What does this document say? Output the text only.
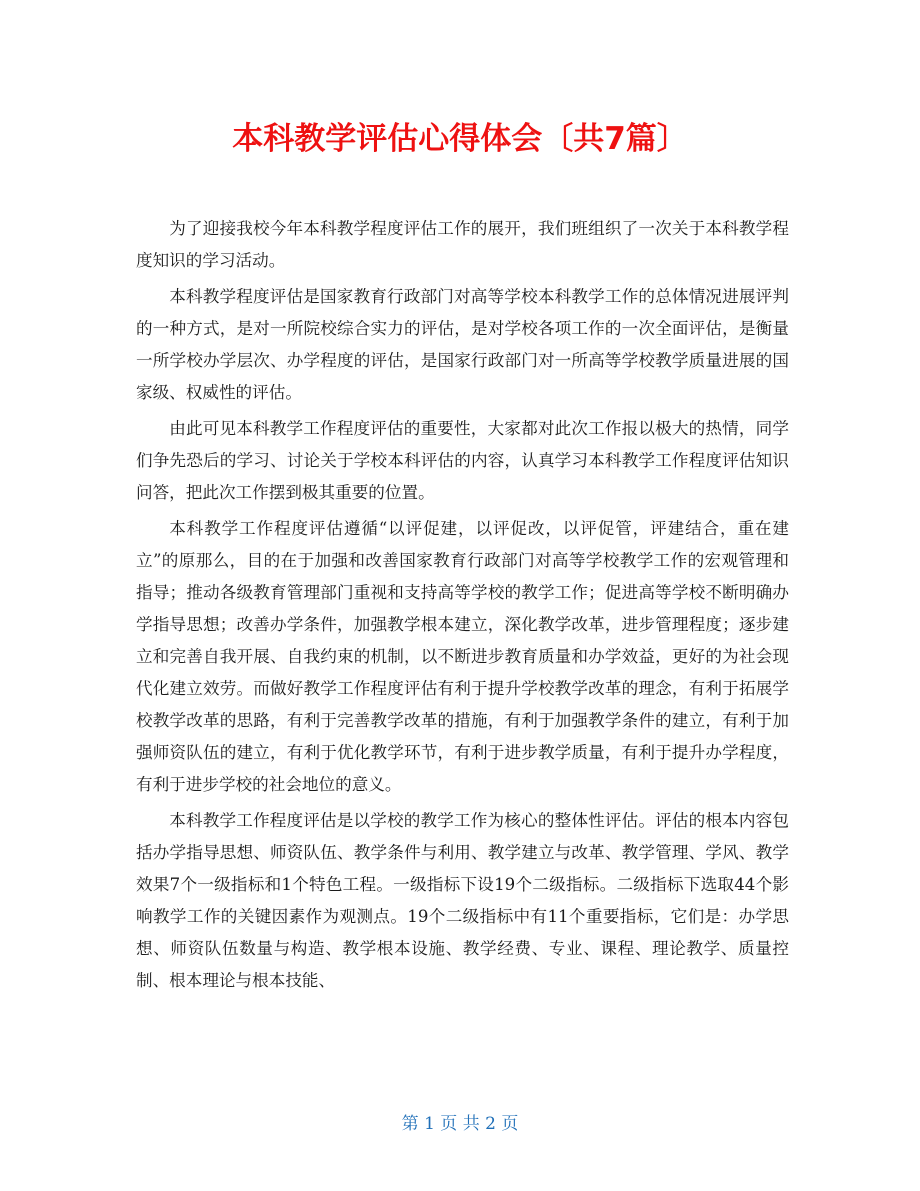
本科教学评估心得体会〔共7篇〕

为了迎接我校今年本科教学程度评估工作的展开，我们班组织了一次关于本科教学程度知识的学习活动。

本科教学程度评估是国家教育行政部门对高等学校本科教学工作的总体情况进展评判的一种方式，是对一所院校综合实力的评估，是对学校各项工作的一次全面评估，是衡量一所学校办学层次、办学程度的评估，是国家行政部门对一所高等学校教学质量进展的国家级、权威性的评估。

由此可见本科教学工作程度评估的重要性，大家都对此次工作报以极大的热情，同学们争先恐后的学习、讨论关于学校本科评估的内容，认真学习本科教学工作程度评估知识问答，把此次工作摆到极其重要的位置。

本科教学工作程度评估遵循“以评促建，以评促改，以评促管，评建结合，重在建立”的原那么，目的在于加强和改善国家教育行政部门对高等学校教学工作的宏观管理和指导；推动各级教育管理部门重视和支持高等学校的教学工作；促进高等学校不断明确办学指导思想；改善办学条件，加强教学根本建立，深化教学改革，进步管理程度；逐步建立和完善自我开展、自我约束的机制，以不断进步教育质量和办学效益，更好的为社会现代化建立效劳。而做好教学工作程度评估有利于提升学校教学改革的理念，有利于拓展学校教学改革的思路，有利于完善教学改革的措施，有利于加强教学条件的建立，有利于加强师资队伍的建立，有利于优化教学环节，有利于进步教学质量，有利于提升办学程度，有利于进步学校的社会地位的意义。

本科教学工作程度评估是以学校的教学工作为核心的整体性评估。评估的根本内容包括办学指导思想、师资队伍、教学条件与利用、教学建立与改革、教学管理、学风、教学效果7个一级指标和1个特色工程。一级指标下设19个二级指标。二级指标下选取44个影响教学工作的关键因素作为观测点。19个二级指标中有11个重要指标，它们是：办学思想、师资队伍数量与构造、教学根本设施、教学经费、专业、课程、理论教学、质量控制、根本理论与根本技能、

第 1 页 共 2 页
